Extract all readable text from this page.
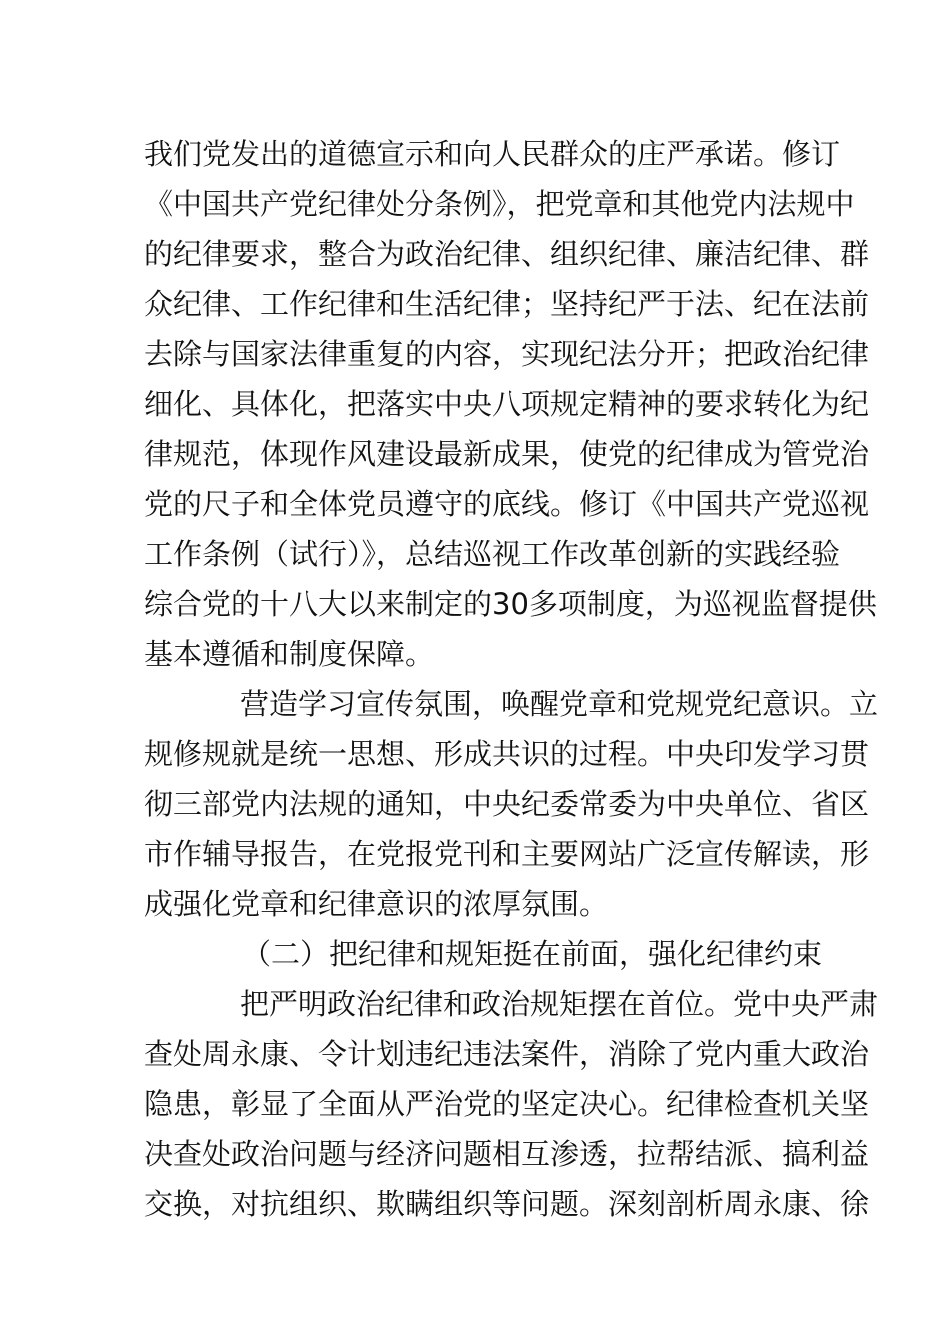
我们党发出的道德宣示和向人民群众的庄严承诺。修订
《中国共产党纪律处分条例》，把党章和其他党内法规中
的纪律要求，整合为政治纪律、组织纪律、廉洁纪律、群
众纪律、工作纪律和生活纪律；坚持纪严于法、纪在法前
去除与国家法律重复的内容，实现纪法分开；把政治纪律
细化、具体化，把落实中央八项规定精神的要求转化为纪
律规范，体现作风建设最新成果，使党的纪律成为管党治
党的尺子和全体党员遵守的底线。修订《中国共产党巡视
工作条例（试行）》，总结巡视工作改革创新的实践经验
综合党的十八大以来制定的30多项制度，为巡视监督提供
基本遵循和制度保障。
营造学习宣传氛围，唤醒党章和党规党纪意识。立
规修规就是统一思想、形成共识的过程。中央印发学习贯
彻三部党内法规的通知，中央纪委常委为中央单位、省区
市作辅导报告，在党报党刊和主要网站广泛宣传解读，形
成强化党章和纪律意识的浓厚氛围。
（二）把纪律和规矩挺在前面，强化纪律约束
把严明政治纪律和政治规矩摆在首位。党中央严肃
查处周永康、令计划违纪违法案件，消除了党内重大政治
隐患，彰显了全面从严治党的坚定决心。纪律检查机关坚
决查处政治问题与经济问题相互渗透，拉帮结派、搞利益
交换，对抗组织、欺瞒组织等问题。深刻剖析周永康、徐
